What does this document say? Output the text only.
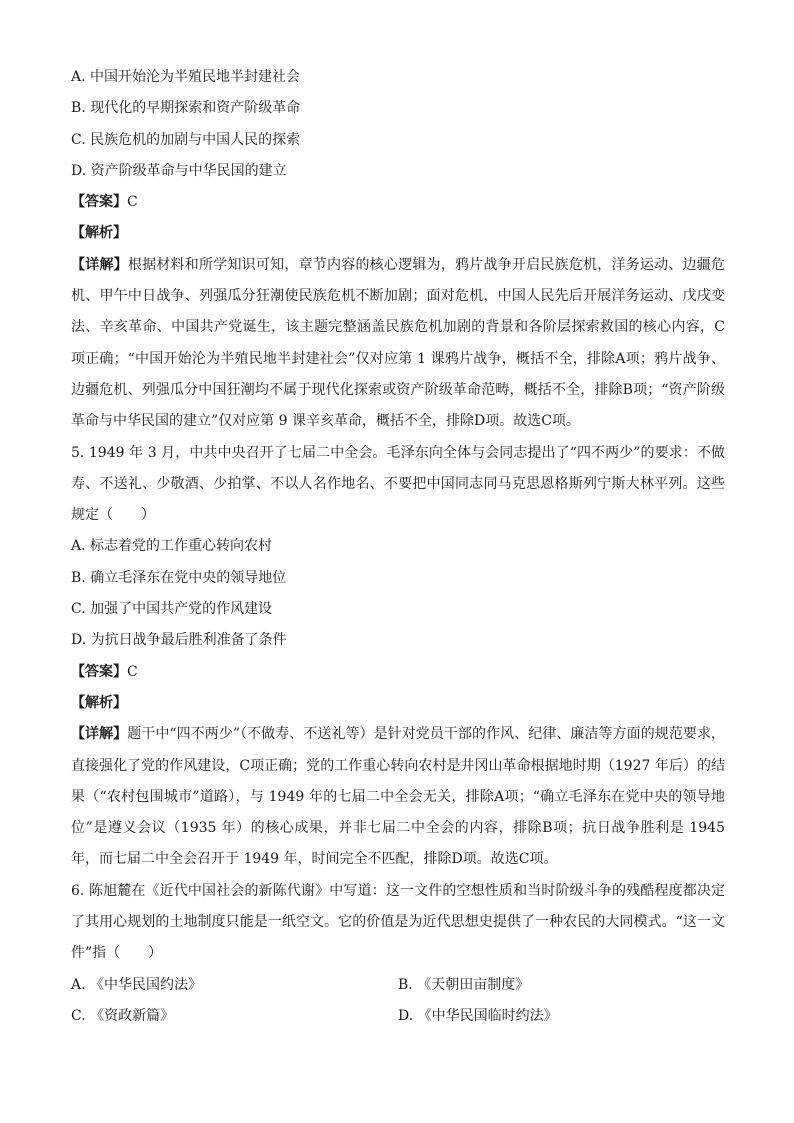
A. 中国开始沦为半殖民地半封建社会
B. 现代化的早期探索和资产阶级革命
C. 民族危机的加剧与中国人民的探索
D. 资产阶级革命与中华民国的建立
【答案】C
【解析】
【详解】根据材料和所学知识可知，章节内容的核心逻辑为，鸦片战争开启民族危机，洋务运动、边疆危机、甲午中日战争、列强瓜分狂潮使民族危机不断加剧；面对危机，中国人民先后开展洋务运动、戊戌变法、辛亥革命、中国共产党诞生，该主题完整涵盖民族危机加剧的背景和各阶层探索救国的核心内容，C项正确；“中国开始沦为半殖民地半封建社会”仅对应第 1 课鸦片战争，概括不全，排除A项；鸦片战争、边疆危机、列强瓜分中国狂潮均不属于现代化探索或资产阶级革命范畴，概括不全，排除B项；“资产阶级革命与中华民国的建立”仅对应第 9 课辛亥革命，概括不全，排除D项。故选C项。
5. 1949 年 3 月，中共中央召开了七届二中全会。毛泽东向全体与会同志提出了“四不两少”的要求：不做寿、不送礼、少敬酒、少拍掌、不以人名作地名、不要把中国同志同马克思恩格斯列宁斯大林平列。这些规定（　　）
A. 标志着党的工作重心转向农村
B. 确立毛泽东在党中央的领导地位
C. 加强了中国共产党的作风建设
D. 为抗日战争最后胜利准备了条件
【答案】C
【解析】
【详解】题干中“四不两少”（不做寿、不送礼等）是针对党员干部的作风、纪律、廉洁等方面的规范要求，直接强化了党的作风建设，C项正确；党的工作重心转向农村是井冈山革命根据地时期（1927 年后）的结果（“农村包围城市”道路），与 1949 年的七届二中全会无关，排除A项；“确立毛泽东在党中央的领导地位”是遵义会议（1935 年）的核心成果，并非七届二中全会的内容，排除B项；抗日战争胜利是 1945 年，而七届二中全会召开于 1949 年，时间完全不匹配，排除D项。故选C项。
6. 陈旭麓在《近代中国社会的新陈代谢》中写道：这一文件的空想性质和当时阶级斗争的残酷程度都决定了其用心规划的土地制度只能是一纸空文。它的价值是为近代思想史提供了一种农民的大同模式。“这一文件”指（　　）
A. 《中华民国约法》	B. 《天朝田亩制度》
C. 《资政新篇》	D. 《中华民国临时约法》
